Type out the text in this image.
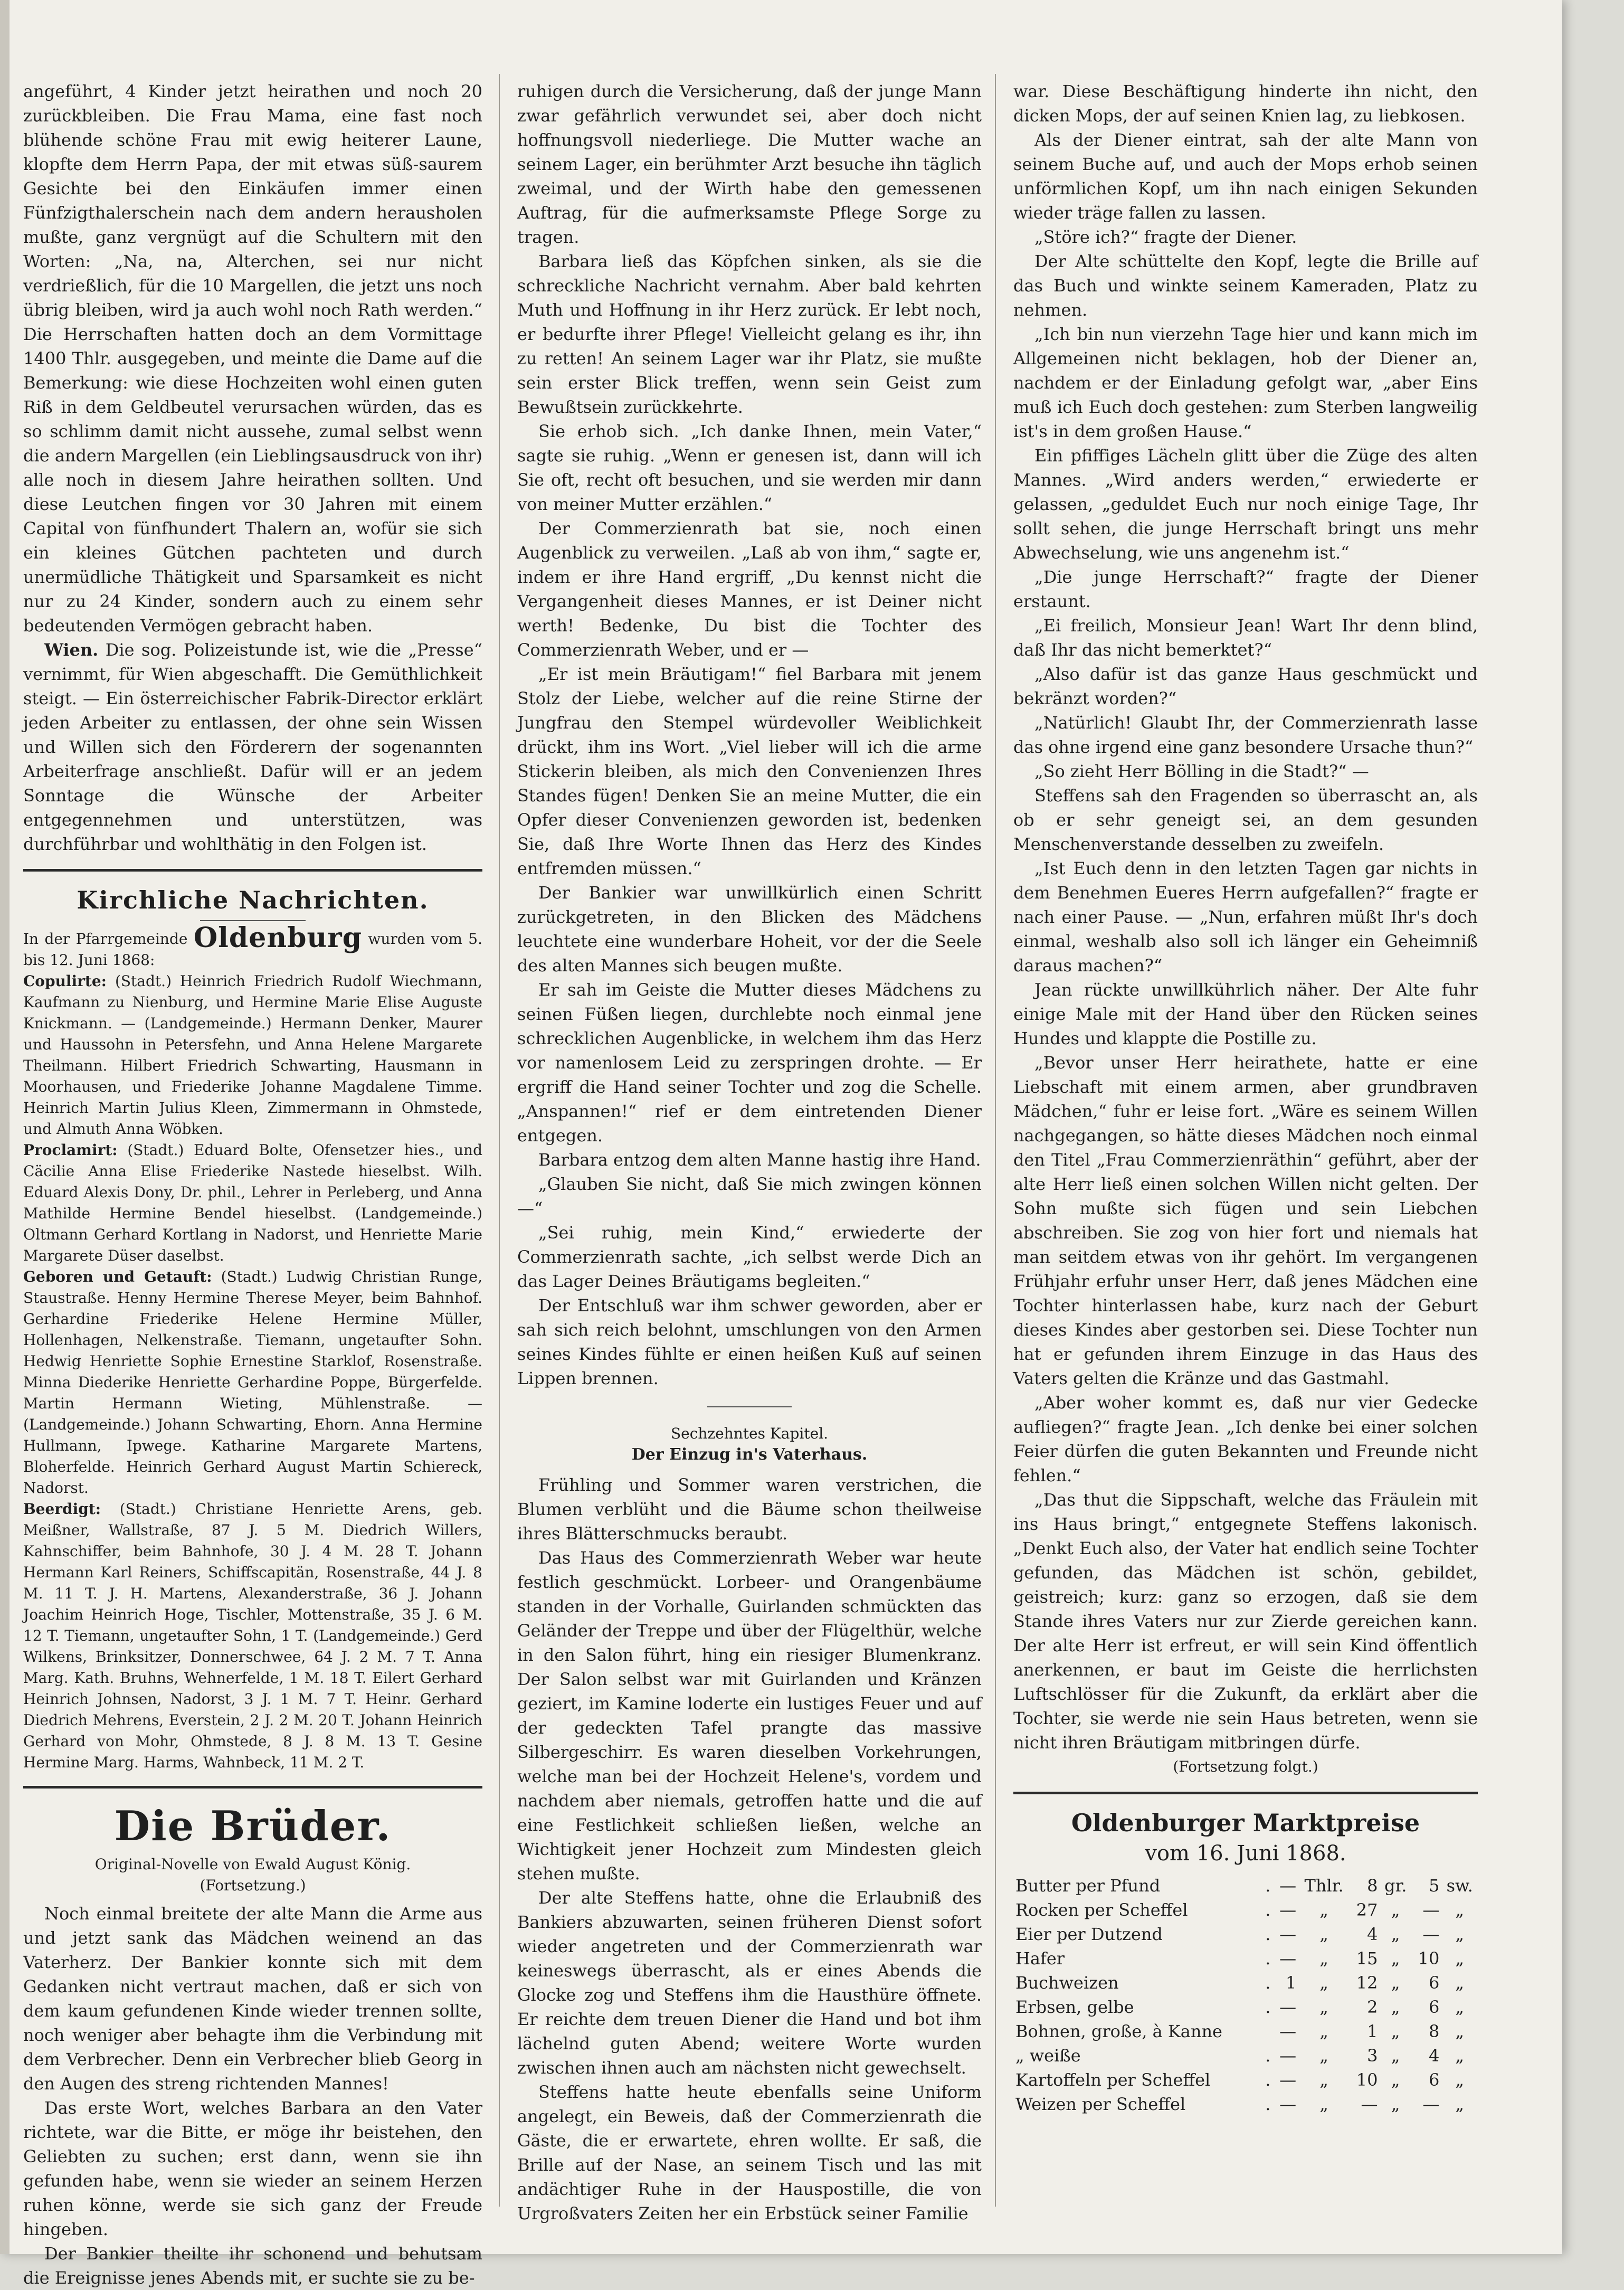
angeführt, 4 Kinder jetzt heirathen und noch 20 zurückbleiben. Die Frau Mama, eine fast noch blühende schöne Frau mit ewig heiterer Laune, klopfte dem Herrn Papa, der mit etwas süß-saurem Gesichte bei den Einkäufen immer einen Fünfzigthalerschein nach dem andern herausholen mußte, ganz vergnügt auf die Schultern mit den Worten: „Na, na, Alterchen, sei nur nicht verdrießlich, für die 10 Margellen, die jetzt uns noch übrig bleiben, wird ja auch wohl noch Rath werden.“ Die Herrschaften hatten doch an dem Vormittage 1400 Thlr. ausgegeben, und meinte die Dame auf die Bemerkung: wie diese Hochzeiten wohl einen guten Riß in dem Geldbeutel verursachen würden, das es so schlimm damit nicht aussehe, zumal selbst wenn die andern Margellen (ein Lieblingsausdruck von ihr) alle noch in diesem Jahre heirathen sollten. Und diese Leutchen fingen vor 30 Jahren mit einem Capital von fünfhundert Thalern an, wofür sie sich ein kleines Gütchen pachteten und durch unermüdliche Thätigkeit und Sparsamkeit es nicht nur zu 24 Kinder, sondern auch zu einem sehr bedeutenden Vermögen gebracht haben.

Wien. Die sog. Polizeistunde ist, wie die „Presse“ vernimmt, für Wien abgeschafft. Die Gemüthlichkeit steigt. — Ein österreichischer Fabrik-Director erklärt jeden Arbeiter zu entlassen, der ohne sein Wissen und Willen sich den Förderern der sogenannten Arbeiterfrage anschließt. Dafür will er an jedem Sonntage die Wünsche der Arbeiter entgegennehmen und unterstützen, was durchführbar und wohlthätig in den Folgen ist.

Kirchliche Nachrichten.

In der Pfarrgemeinde Oldenburg wurden vom 5. bis 12. Juni 1868:

Copulirte: (Stadt.) Heinrich Friedrich Rudolf Wiechmann, Kaufmann zu Nienburg, und Hermine Marie Elise Auguste Knickmann. — (Landgemeinde.) Hermann Denker, Maurer und Haussohn in Petersfehn, und Anna Helene Margarete Theilmann. Hilbert Friedrich Schwarting, Hausmann in Moorhausen, und Friederike Johanne Magdalene Timme. Heinrich Martin Julius Kleen, Zimmermann in Ohmstede, und Almuth Anna Wöbken.

Proclamirt: (Stadt.) Eduard Bolte, Ofensetzer hies., und Cäcilie Anna Elise Friederike Nastede hieselbst. Wilh. Eduard Alexis Dony, Dr. phil., Lehrer in Perleberg, und Anna Mathilde Hermine Bendel hieselbst. (Landgemeinde.) Oltmann Gerhard Kortlang in Nadorst, und Henriette Marie Margarete Düser daselbst.

Geboren und Getauft: (Stadt.) Ludwig Christian Runge, Staustraße. Henny Hermine Therese Meyer, beim Bahnhof. Gerhardine Friederike Helene Hermine Müller, Hollenhagen, Nelkenstraße. Tiemann, ungetaufter Sohn. Hedwig Henriette Sophie Ernestine Starklof, Rosenstraße. Minna Diederike Henriette Gerhardine Poppe, Bürgerfelde. Martin Hermann Wieting, Mühlenstraße. — (Landgemeinde.) Johann Schwarting, Ehorn. Anna Hermine Hullmann, Ipwege. Katharine Margarete Martens, Bloherfelde. Heinrich Gerhard August Martin Schiereck, Nadorst.

Beerdigt: (Stadt.) Christiane Henriette Arens, geb. Meißner, Wallstraße, 87 J. 5 M. Diedrich Willers, Kahnschiffer, beim Bahnhofe, 30 J. 4 M. 28 T. Johann Hermann Karl Reiners, Schiffscapitän, Rosenstraße, 44 J. 8 M. 11 T. J. H. Martens, Alexanderstraße, 36 J. Johann Joachim Heinrich Hoge, Tischler, Mottenstraße, 35 J. 6 M. 12 T. Tiemann, ungetaufter Sohn, 1 T. (Landgemeinde.) Gerd Wilkens, Brinksitzer, Donnerschwee, 64 J. 2 M. 7 T. Anna Marg. Kath. Bruhns, Wehnerfelde, 1 M. 18 T. Eilert Gerhard Heinrich Johnsen, Nadorst, 3 J. 1 M. 7 T. Heinr. Gerhard Diedrich Mehrens, Everstein, 2 J. 2 M. 20 T. Johann Heinrich Gerhard von Mohr, Ohmstede, 8 J. 8 M. 13 T. Gesine Hermine Marg. Harms, Wahnbeck, 11 M. 2 T.

Die Brüder.
Original-Novelle von Ewald August König.
(Fortsetzung.)

Noch einmal breitete der alte Mann die Arme aus und jetzt sank das Mädchen weinend an das Vaterherz. Der Bankier konnte sich mit dem Gedanken nicht vertraut machen, daß er sich von dem kaum gefundenen Kinde wieder trennen sollte, noch weniger aber behagte ihm die Verbindung mit dem Verbrecher. Denn ein Verbrecher blieb Georg in den Augen des streng richtenden Mannes!

Das erste Wort, welches Barbara an den Vater richtete, war die Bitte, er möge ihr beistehen, den Geliebten zu suchen; erst dann, wenn sie ihn gefunden habe, wenn sie wieder an seinem Herzen ruhen könne, werde sie sich ganz der Freude hingeben.

Der Bankier theilte ihr schonend und behutsam die Ereignisse jenes Abends mit, er suchte sie zu be-

ruhigen durch die Versicherung, daß der junge Mann zwar gefährlich verwundet sei, aber doch nicht hoffnungsvoll niederliege. Die Mutter wache an seinem Lager, ein berühmter Arzt besuche ihn täglich zweimal, und der Wirth habe den gemessenen Auftrag, für die aufmerksamste Pflege Sorge zu tragen.

Barbara ließ das Köpfchen sinken, als sie die schreckliche Nachricht vernahm. Aber bald kehrten Muth und Hoffnung in ihr Herz zurück. Er lebt noch, er bedurfte ihrer Pflege! Vielleicht gelang es ihr, ihn zu retten! An seinem Lager war ihr Platz, sie mußte sein erster Blick treffen, wenn sein Geist zum Bewußtsein zurückkehrte.

Sie erhob sich. „Ich danke Ihnen, mein Vater,“ sagte sie ruhig. „Wenn er genesen ist, dann will ich Sie oft, recht oft besuchen, und sie werden mir dann von meiner Mutter erzählen.“

Der Commerzienrath bat sie, noch einen Augenblick zu verweilen. „Laß ab von ihm,“ sagte er, indem er ihre Hand ergriff, „Du kennst nicht die Vergangenheit dieses Mannes, er ist Deiner nicht werth! Bedenke, Du bist die Tochter des Commerzienrath Weber, und er —

„Er ist mein Bräutigam!“ fiel Barbara mit jenem Stolz der Liebe, welcher auf die reine Stirne der Jungfrau den Stempel würdevoller Weiblichkeit drückt, ihm ins Wort. „Viel lieber will ich die arme Stickerin bleiben, als mich den Convenienzen Ihres Standes fügen! Denken Sie an meine Mutter, die ein Opfer dieser Convenienzen geworden ist, bedenken Sie, daß Ihre Worte Ihnen das Herz des Kindes entfremden müssen.“

Der Bankier war unwillkürlich einen Schritt zurückgetreten, in den Blicken des Mädchens leuchtete eine wunderbare Hoheit, vor der die Seele des alten Mannes sich beugen mußte.

Er sah im Geiste die Mutter dieses Mädchens zu seinen Füßen liegen, durchlebte noch einmal jene schrecklichen Augenblicke, in welchem ihm das Herz vor namenlosem Leid zu zerspringen drohte. — Er ergriff die Hand seiner Tochter und zog die Schelle. „Anspannen!“ rief er dem eintretenden Diener entgegen.

Barbara entzog dem alten Manne hastig ihre Hand.

„Glauben Sie nicht, daß Sie mich zwingen können —“

„Sei ruhig, mein Kind,“ erwiederte der Commerzienrath sachte, „ich selbst werde Dich an das Lager Deines Bräutigams begleiten.“

Der Entschluß war ihm schwer geworden, aber er sah sich reich belohnt, umschlungen von den Armen seines Kindes fühlte er einen heißen Kuß auf seinen Lippen brennen.

Sechzehntes Kapitel.

Der Einzug in's Vaterhaus.

Frühling und Sommer waren verstrichen, die Blumen verblüht und die Bäume schon theilweise ihres Blätterschmucks beraubt.

Das Haus des Commerzienrath Weber war heute festlich geschmückt. Lorbeer- und Orangenbäume standen in der Vorhalle, Guirlanden schmückten das Geländer der Treppe und über der Flügelthür, welche in den Salon führt, hing ein riesiger Blumenkranz. Der Salon selbst war mit Guirlanden und Kränzen geziert, im Kamine loderte ein lustiges Feuer und auf der gedeckten Tafel prangte das massive Silbergeschirr. Es waren dieselben Vorkehrungen, welche man bei der Hochzeit Helene's, vordem und nachdem aber niemals, getroffen hatte und die auf eine Festlichkeit schließen ließen, welche an Wichtigkeit jener Hochzeit zum Mindesten gleich stehen mußte.

Der alte Steffens hatte, ohne die Erlaubniß des Bankiers abzuwarten, seinen früheren Dienst sofort wieder angetreten und der Commerzienrath war keineswegs überrascht, als er eines Abends die Glocke zog und Steffens ihm die Hausthüre öffnete. Er reichte dem treuen Diener die Hand und bot ihm lächelnd guten Abend; weitere Worte wurden zwischen ihnen auch am nächsten nicht gewechselt.

Steffens hatte heute ebenfalls seine Uniform angelegt, ein Beweis, daß der Commerzienrath die Gäste, die er erwartete, ehren wollte. Er saß, die Brille auf der Nase, an seinem Tisch und las mit andächtiger Ruhe in der Hauspostille, die von Urgroßvaters Zeiten her ein Erbstück seiner Familie

war. Diese Beschäftigung hinderte ihn nicht, den dicken Mops, der auf seinen Knien lag, zu liebkosen.

Als der Diener eintrat, sah der alte Mann von seinem Buche auf, und auch der Mops erhob seinen unförmlichen Kopf, um ihn nach einigen Sekunden wieder träge fallen zu lassen.

„Störe ich?“ fragte der Diener.

Der Alte schüttelte den Kopf, legte die Brille auf das Buch und winkte seinem Kameraden, Platz zu nehmen.

„Ich bin nun vierzehn Tage hier und kann mich im Allgemeinen nicht beklagen, hob der Diener an, nachdem er der Einladung gefolgt war, „aber Eins muß ich Euch doch gestehen: zum Sterben langweilig ist's in dem großen Hause.“

Ein pfiffiges Lächeln glitt über die Züge des alten Mannes. „Wird anders werden,“ erwiederte er gelassen, „geduldet Euch nur noch einige Tage, Ihr sollt sehen, die junge Herrschaft bringt uns mehr Abwechselung, wie uns angenehm ist.“

„Die junge Herrschaft?“ fragte der Diener erstaunt.

„Ei freilich, Monsieur Jean! Wart Ihr denn blind, daß Ihr das nicht bemerktet?“

„Also dafür ist das ganze Haus geschmückt und bekränzt worden?“

„Natürlich! Glaubt Ihr, der Commerzienrath lasse das ohne irgend eine ganz besondere Ursache thun?“

„So zieht Herr Bölling in die Stadt?“ —

Steffens sah den Fragenden so überrascht an, als ob er sehr geneigt sei, an dem gesunden Menschenverstande desselben zu zweifeln.

„Ist Euch denn in den letzten Tagen gar nichts in dem Benehmen Eueres Herrn aufgefallen?“ fragte er nach einer Pause. — „Nun, erfahren müßt Ihr's doch einmal, weshalb also soll ich länger ein Geheimniß daraus machen?“

Jean rückte unwillkührlich näher. Der Alte fuhr einige Male mit der Hand über den Rücken seines Hundes und klappte die Postille zu.

„Bevor unser Herr heirathete, hatte er eine Liebschaft mit einem armen, aber grundbraven Mädchen,“ fuhr er leise fort. „Wäre es seinem Willen nachgegangen, so hätte dieses Mädchen noch einmal den Titel „Frau Commerzienräthin“ geführt, aber der alte Herr ließ einen solchen Willen nicht gelten. Der Sohn mußte sich fügen und sein Liebchen abschreiben. Sie zog von hier fort und niemals hat man seitdem etwas von ihr gehört. Im vergangenen Frühjahr erfuhr unser Herr, daß jenes Mädchen eine Tochter hinterlassen habe, kurz nach der Geburt dieses Kindes aber gestorben sei. Diese Tochter nun hat er gefunden ihrem Einzuge in das Haus des Vaters gelten die Kränze und das Gastmahl.

„Aber woher kommt es, daß nur vier Gedecke aufliegen?“ fragte Jean. „Ich denke bei einer solchen Feier dürfen die guten Bekannten und Freunde nicht fehlen.“

„Das thut die Sippschaft, welche das Fräulein mit ins Haus bringt,“ entgegnete Steffens lakonisch. „Denkt Euch also, der Vater hat endlich seine Tochter gefunden, das Mädchen ist schön, gebildet, geistreich; kurz: ganz so erzogen, daß sie dem Stande ihres Vaters nur zur Zierde gereichen kann. Der alte Herr ist erfreut, er will sein Kind öffentlich anerkennen, er baut im Geiste die herrlichsten Luftschlösser für die Zukunft, da erklärt aber die Tochter, sie werde nie sein Haus betreten, wenn sie nicht ihren Bräutigam mitbringen dürfe.

(Fortsetzung folgt.)

Oldenburger Marktpreise
vom 16. Juni 1868.
Butter per Pfund	.	—	Thlr.	8	gr.	5	sw.
Rocken per Scheffel	.	—	„	27	„	—	„
Eier per Dutzend	.	—	„	4	„	—	„
Hafer	.	—	„	15	„	10	„
Buchweizen	.	1	„	12	„	6	„
Erbsen, gelbe	.	—	„	2	„	6	„
Bohnen, große, à Kanne		—	„	1	„	8	„
„ weiße	.	—	„	3	„	4	„
Kartoffeln per Scheffel	.	—	„	10	„	6	„
Weizen per Scheffel	.	—	„	—	„	—	„
